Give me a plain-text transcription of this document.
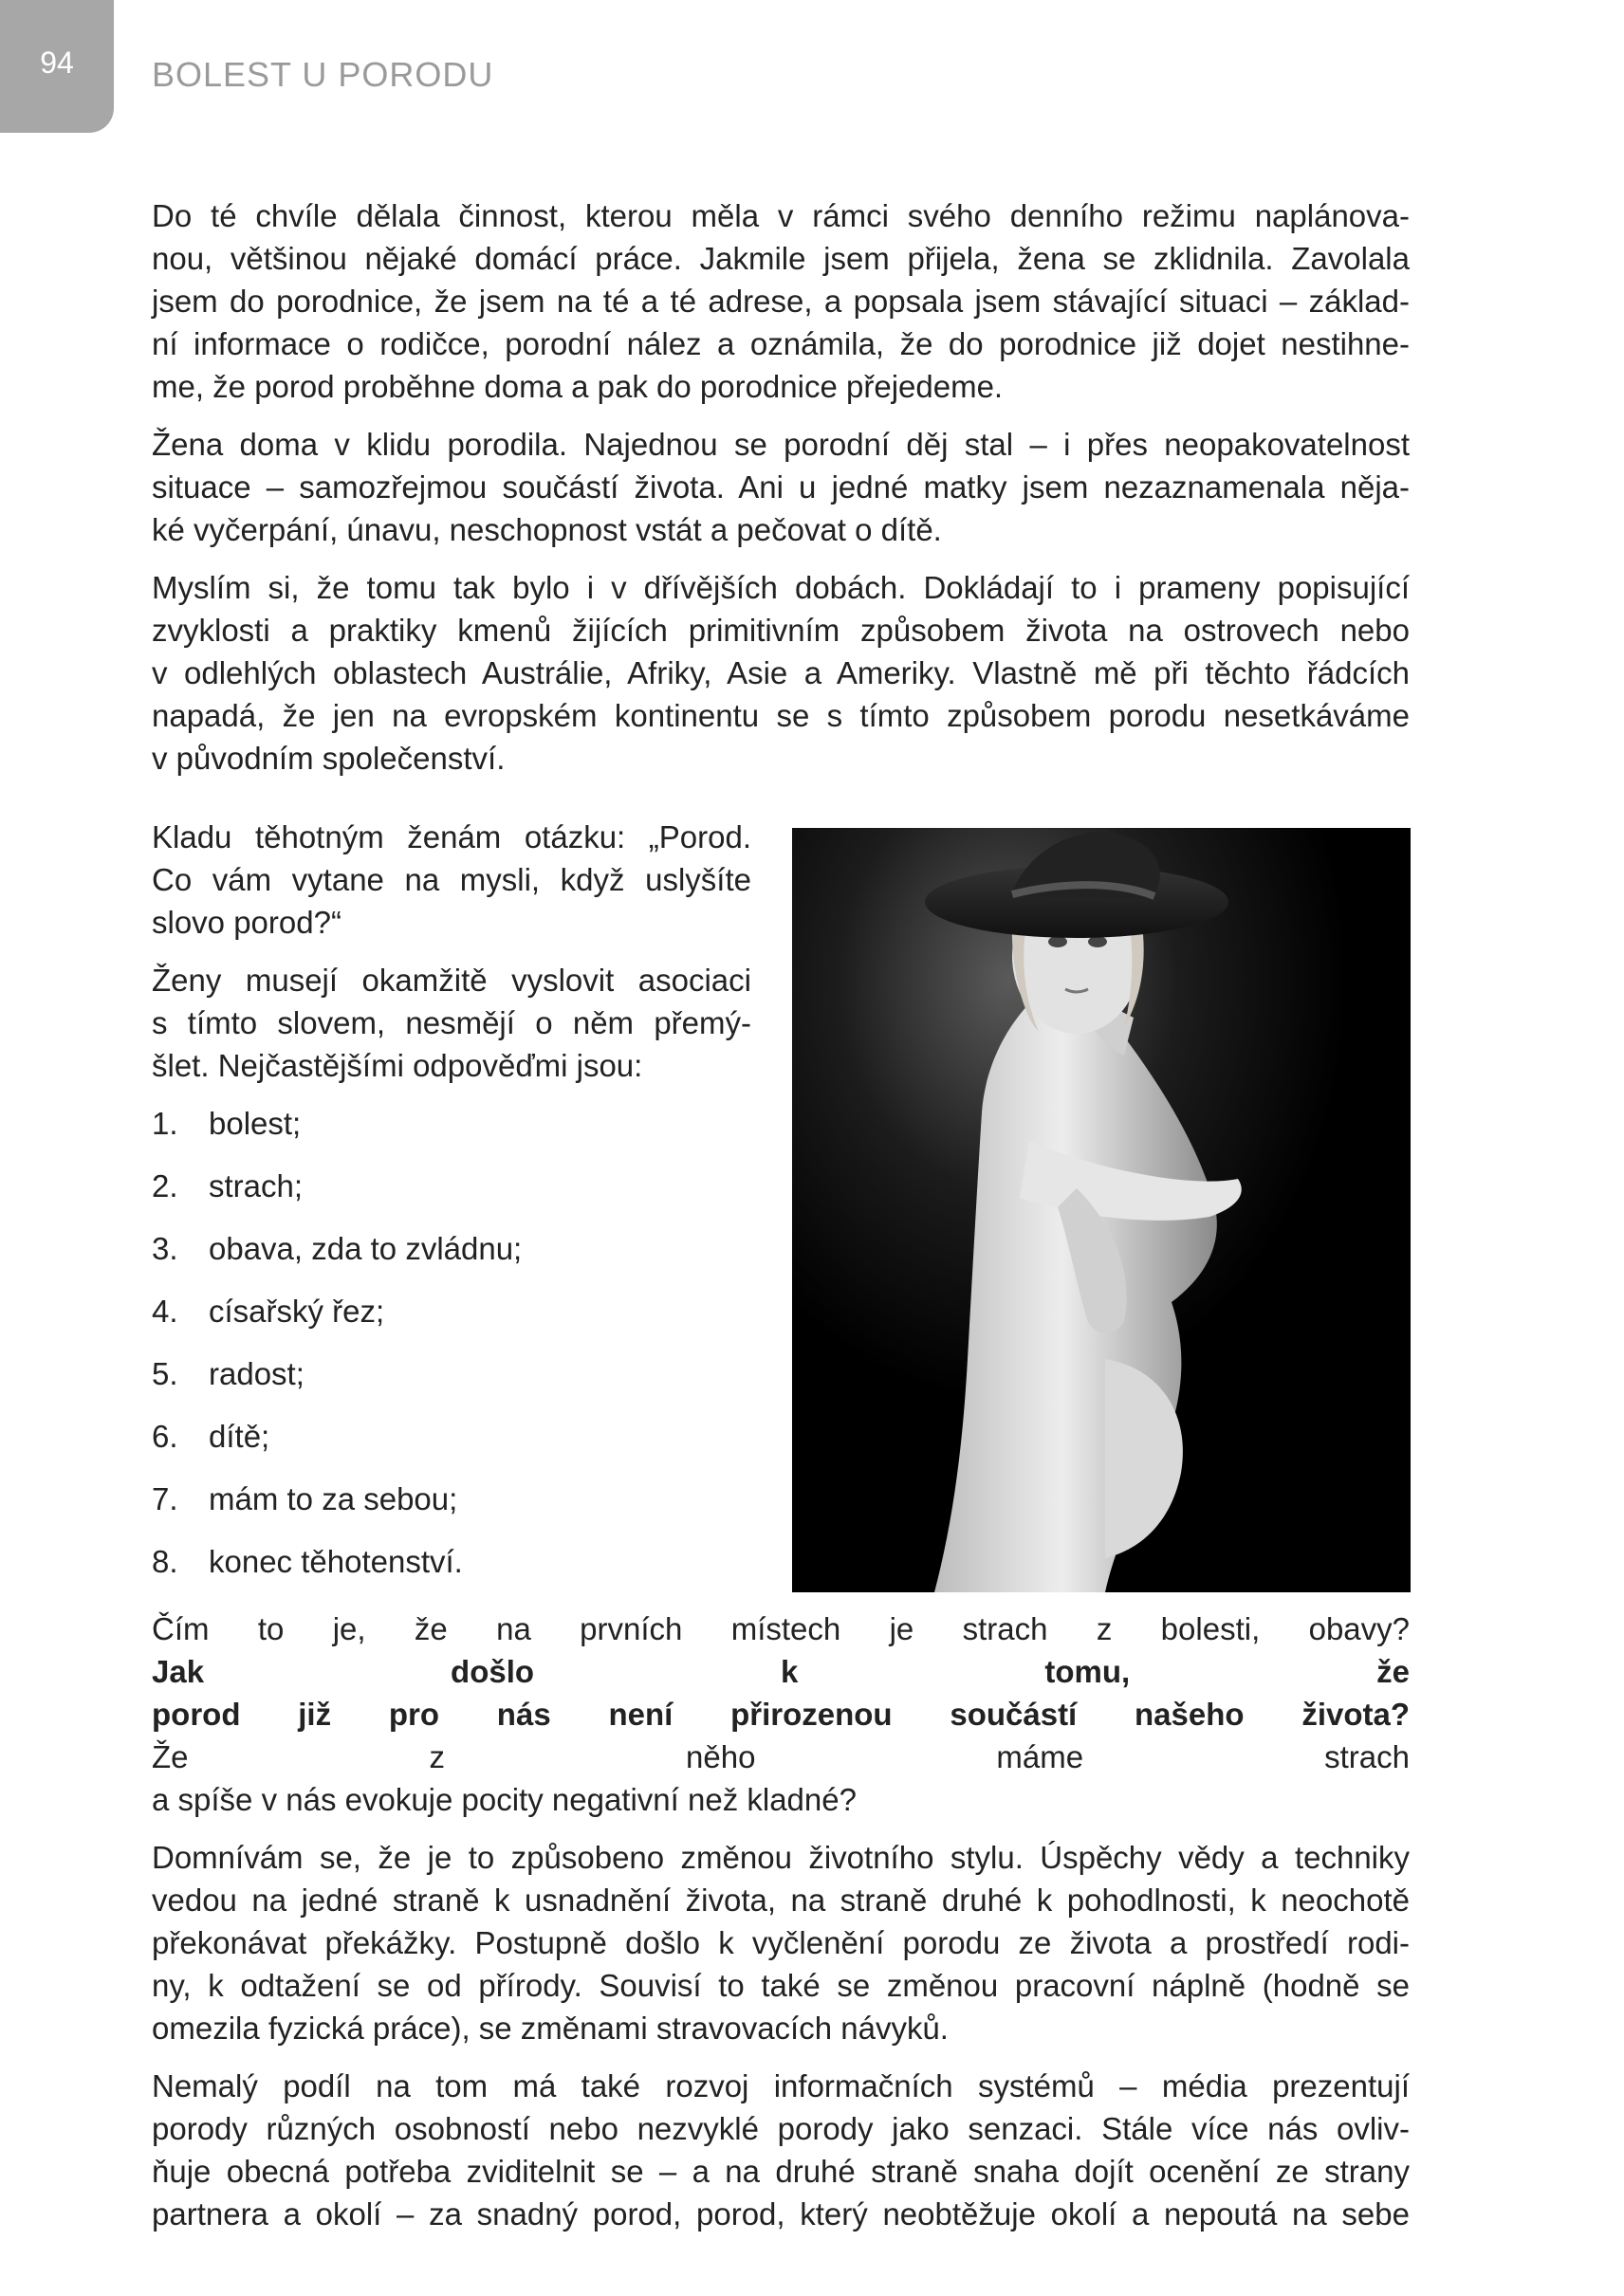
94	BOLEST U PORODU

Do té chvíle dělala činnost, kterou měla v rámci svého denního režimu naplánova-
nou, většinou nějaké domácí práce. Jakmile jsem přijela, žena se zklidnila. Zavolala
jsem do porodnice, že jsem na té a té adrese, a popsala jsem stávající situaci – základ-
ní informace o rodičce, porodní nález a oznámila, že do porodnice již dojet nestihne-
me, že porod proběhne doma a pak do porodnice přejedeme.

Žena doma v klidu porodila. Najednou se porodní děj stal – i přes neopakovatelnost
situace – samozřejmou součástí života. Ani u jedné matky jsem nezaznamenala něja-
ké vyčerpání, únavu, neschopnost vstát a pečovat o dítě.

Myslím si, že tomu tak bylo i v dřívějších dobách. Dokládají to i prameny popisující
zvyklosti a praktiky kmenů žijících primitivním způsobem života na ostrovech nebo
v odlehlých oblastech Austrálie, Afriky, Asie a Ameriky. Vlastně mě při těchto řádcích
napadá, že jen na evropském kontinentu se s tímto způsobem porodu nesetkáváme
v původním společenství.

Kladu těhotným ženám otázku: „Porod.
Co vám vytane na mysli, když uslyšíte
slovo porod?“

Ženy musejí okamžitě vyslovit asociaci
s tímto slovem, nesmějí o něm přemý-
šlet. Nejčastějšími odpověďmi jsou:

1. bolest;
2. strach;
3. obava, zda to zvládnu;
4. císařský řez;
5. radost;
6. dítě;
7. mám to za sebou;
8. konec těhotenství.

Čím to je, že na prvních místech je strach z bolesti, obavy?
Jak došlo k tomu, že
porod již pro nás není přirozenou součástí našeho života?
Že z něho máme strach
a spíše v nás evokuje pocity negativní než kladné?

Domnívám se, že je to způsobeno změnou životního stylu. Úspěchy vědy a techniky
vedou na jedné straně k usnadnění života, na straně druhé k pohodlnosti, k neochotě
překonávat překážky. Postupně došlo k vyčlenění porodu ze života a prostředí rodi-
ny, k odtažení se od přírody. Souvisí to také se změnou pracovní náplně (hodně se
omezila fyzická práce), se změnami stravovacích návyků.

Nemalý podíl na tom má také rozvoj informačních systémů – média prezentují
porody různých osobností nebo nezvyklé porody jako senzaci. Stále více nás ovliv-
ňuje obecná potřeba zviditelnit se – a na druhé straně snaha dojít ocenění ze strany
partnera a okolí – za snadný porod, porod, který neobtěžuje okolí a nepoutá na sebe
